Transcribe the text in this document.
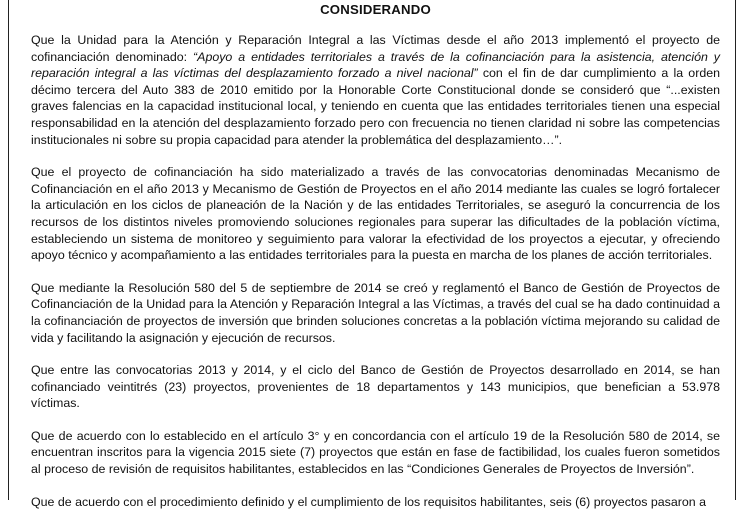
CONSIDERANDO

Que la Unidad para la Atención y Reparación Integral a las Víctimas desde el año 2013 implementó el proyecto de cofinanciación denominado: “Apoyo a entidades territoriales a través de la cofinanciación para la asistencia, atención y reparación integral a las víctimas del desplazamiento forzado a nivel nacional” con el fin de dar cumplimiento a la orden décimo tercera del Auto 383 de 2010 emitido por la Honorable Corte Constitucional donde se consideró que “...existen graves falencias en la capacidad institucional local, y teniendo en cuenta que las entidades territoriales tienen una especial responsabilidad en la atención del desplazamiento forzado pero con frecuencia no tienen claridad ni sobre las competencias institucionales ni sobre su propia capacidad para atender la problemática del desplazamiento…”.

Que el proyecto de cofinanciación ha sido materializado a través de las convocatorias denominadas Mecanismo de Cofinanciación en el año 2013 y Mecanismo de Gestión de Proyectos en el año 2014 mediante las cuales se logró fortalecer la articulación en los ciclos de planeación de la Nación y de las entidades Territoriales, se aseguró la concurrencia de los recursos de los distintos niveles promoviendo soluciones regionales para superar las dificultades de la población víctima, estableciendo un sistema de monitoreo y seguimiento para valorar la efectividad de los proyectos a ejecutar, y ofreciendo apoyo técnico y acompañamiento a las entidades territoriales para la puesta en marcha de los planes de acción territoriales.

Que mediante la Resolución 580 del 5 de septiembre de 2014 se creó y reglamentó el Banco de Gestión de Proyectos de Cofinanciación de la Unidad para la Atención y Reparación Integral a las Víctimas, a través del cual se ha dado continuidad a la cofinanciación de proyectos de inversión que brinden soluciones concretas a la población víctima mejorando su calidad de vida y facilitando la asignación y ejecución de recursos.

Que entre las convocatorias 2013 y 2014, y el ciclo del Banco de Gestión de Proyectos desarrollado en 2014, se han cofinanciado veintitrés (23) proyectos, provenientes de 18 departamentos y 143 municipios, que benefician a 53.978 víctimas.

Que de acuerdo con lo establecido en el artículo 3° y en concordancia con el artículo 19 de la Resolución 580 de 2014, se encuentran inscritos para la vigencia 2015 siete (7) proyectos que están en fase de factibilidad, los cuales fueron sometidos al proceso de revisión de requisitos habilitantes, establecidos en las “Condiciones Generales de Proyectos de Inversión”.

Que de acuerdo con el procedimiento definido y el cumplimiento de los requisitos habilitantes, seis (6) proyectos pasaron a
